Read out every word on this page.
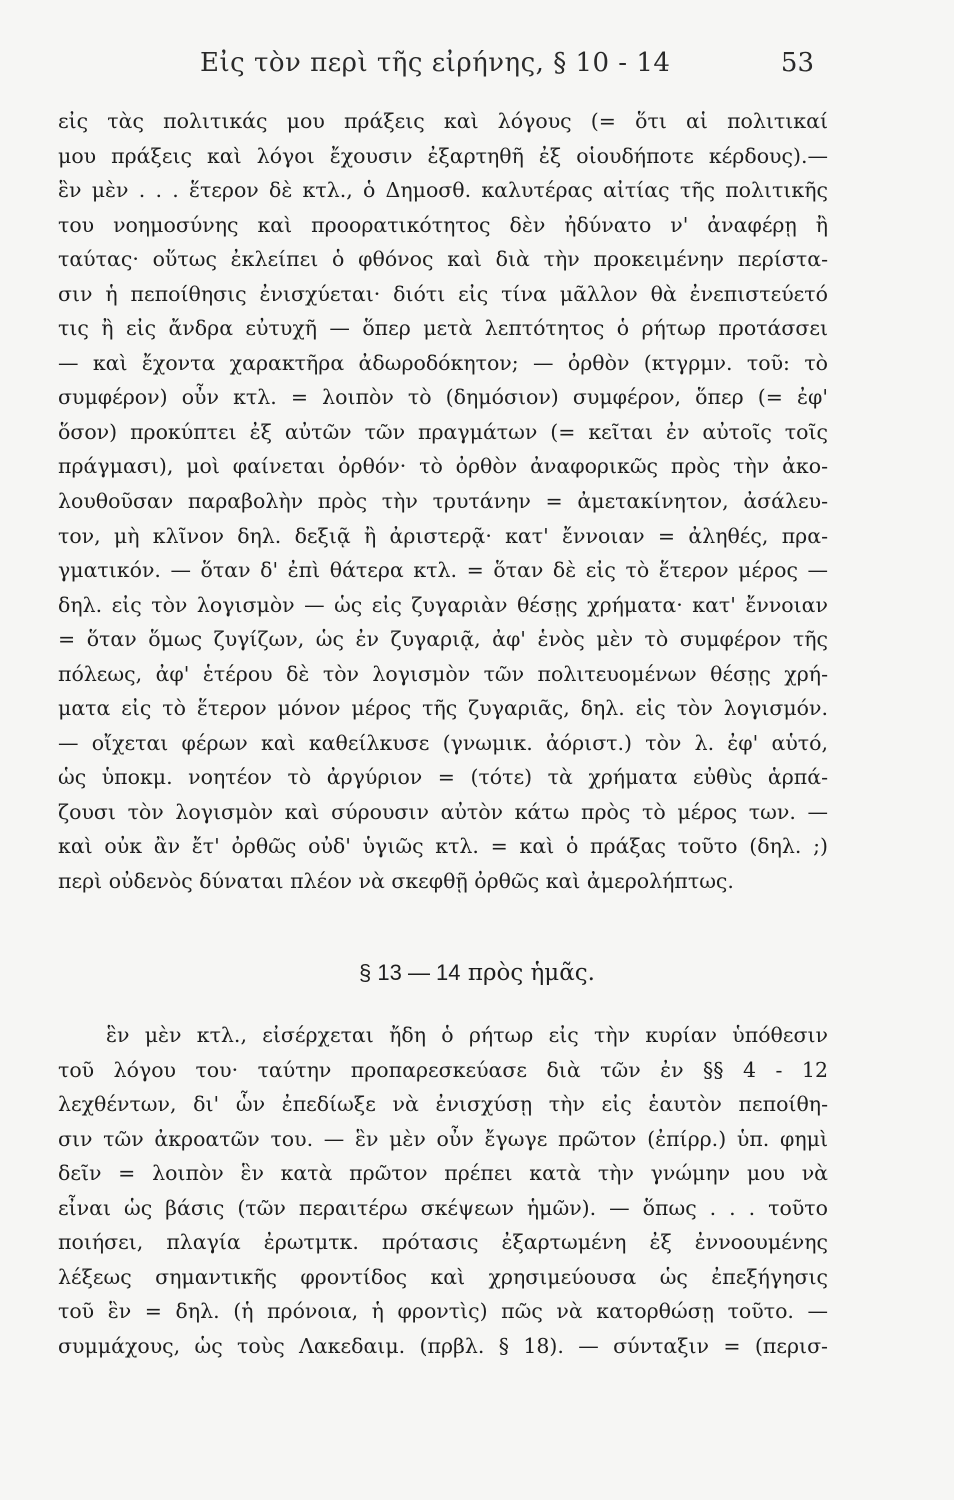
Εἰς τὸν περὶ τῆς εἰρήνης, § 10 - 14	53
εἰς τὰς πολιτικάς μου πράξεις καὶ λόγους (= ὅτι αἱ πολιτικαί
μου πράξεις καὶ λόγοι ἔχουσιν ἐξαρτηθῆ ἐξ οἱουδήποτε κέρδους).—
ἓν μὲν . . . ἕτερον δὲ κτλ., ὁ Δημοσθ. καλυτέρας αἰτίας τῆς πολιτικῆς
του νοημοσύνης καὶ προορατικότητος δὲν ἠδύνατο ν' ἀναφέρῃ ἢ
ταύτας· οὕτως ἐκλείπει ὁ φθόνος καὶ διὰ τὴν προκειμένην περίστα-
σιν ἡ πεποίθησις ἐνισχύεται· διότι εἰς τίνα μᾶλλον θὰ ἐνεπιστεύετό
τις ἢ εἰς ἄνδρα εὐτυχῆ — ὅπερ μετὰ λεπτότητος ὁ ρήτωρ προτάσσει
— καὶ ἔχοντα χαρακτῆρα ἀδωροδόκητον; — ὀρθὸν (κτγρμν. τοῦ: τὸ
συμφέρον) οὖν κτλ. = λοιπὸν τὸ (δημόσιον) συμφέρον, ὅπερ (= ἐφ'
ὅσον) προκύπτει ἐξ αὐτῶν τῶν πραγμάτων (= κεῖται ἐν αὐτοῖς τοῖς
πράγμασι), μοὶ φαίνεται ὀρθόν· τὸ ὀρθὸν ἀναφορικῶς πρὸς τὴν ἀκο-
λουθοῦσαν παραβολὴν πρὸς τὴν τρυτάνην = ἀμετακίνητον, ἀσάλευ-
τον, μὴ κλῖνον δηλ. δεξιᾷ ἢ ἀριστερᾷ· κατ' ἔννοιαν = ἀληθές, πρα-
γματικόν. — ὅταν δ' ἐπὶ θάτερα κτλ. = ὅταν δὲ εἰς τὸ ἕτερον μέρος —
δηλ. εἰς τὸν λογισμὸν — ὡς εἰς ζυγαριὰν θέσῃς χρήματα· κατ' ἔννοιαν
= ὅταν ὅμως ζυγίζων, ὡς ἐν ζυγαριᾷ, ἀφ' ἑνὸς μὲν τὸ συμφέρον τῆς
πόλεως, ἀφ' ἑτέρου δὲ τὸν λογισμὸν τῶν πολιτευομένων θέσῃς χρή-
ματα εἰς τὸ ἕτερον μόνον μέρος τῆς ζυγαριᾶς, δηλ. εἰς τὸν λογισμόν.
— οἴχεται φέρων καὶ καθείλκυσε (γνωμικ. ἀόριστ.) τὸν λ. ἐφ' αὑτό,
ὡς ὑποκμ. νοητέον τὸ ἀργύριον = (τότε) τὰ χρήματα εὐθὺς ἁρπά-
ζουσι τὸν λογισμὸν καὶ σύρουσιν αὐτὸν κάτω πρὸς τὸ μέρος των. —
καὶ οὐκ ἂν ἔτ' ὀρθῶς οὐδ' ὑγιῶς κτλ. = καὶ ὁ πράξας τοῦτο (δηλ. ;)
περὶ οὐδενὸς δύναται πλέον νὰ σκεφθῇ ὀρθῶς καὶ ἀμερολήπτως.
§ 13 — 14 πρὸς ἡμᾶς.
ἓν μὲν κτλ., εἰσέρχεται ἤδη ὁ ρήτωρ εἰς τὴν κυρίαν ὑπόθεσιν
τοῦ λόγου του· ταύτην προπαρεσκεύασε διὰ τῶν ἐν §§ 4 - 12
λεχθέντων, δι' ὧν ἐπεδίωξε νὰ ἐνισχύσῃ τὴν εἰς ἑαυτὸν πεποίθη-
σιν τῶν ἀκροατῶν του. — ἓν μὲν οὖν ἔγωγε πρῶτον (ἐπίρρ.) ὑπ. φημὶ
δεῖν = λοιπὸν ἓν κατὰ πρῶτον πρέπει κατὰ τὴν γνώμην μου νὰ
εἶναι ὡς βάσις (τῶν περαιτέρω σκέψεων ἡμῶν). — ὅπως . . . τοῦτο
ποιήσει, πλαγία ἐρωτμτκ. πρότασις ἐξαρτωμένη ἐξ ἐννοουμένης
λέξεως σημαντικῆς φροντίδος καὶ χρησιμεύουσα ὡς ἐπεξήγησις
τοῦ ἓν = δηλ. (ἡ πρόνοια, ἡ φροντὶς) πῶς νὰ κατορθώσῃ τοῦτο. —
συμμάχους, ὡς τοὺς Λακεδαιμ. (πρβλ. § 18). — σύνταξιν = (περισ-
